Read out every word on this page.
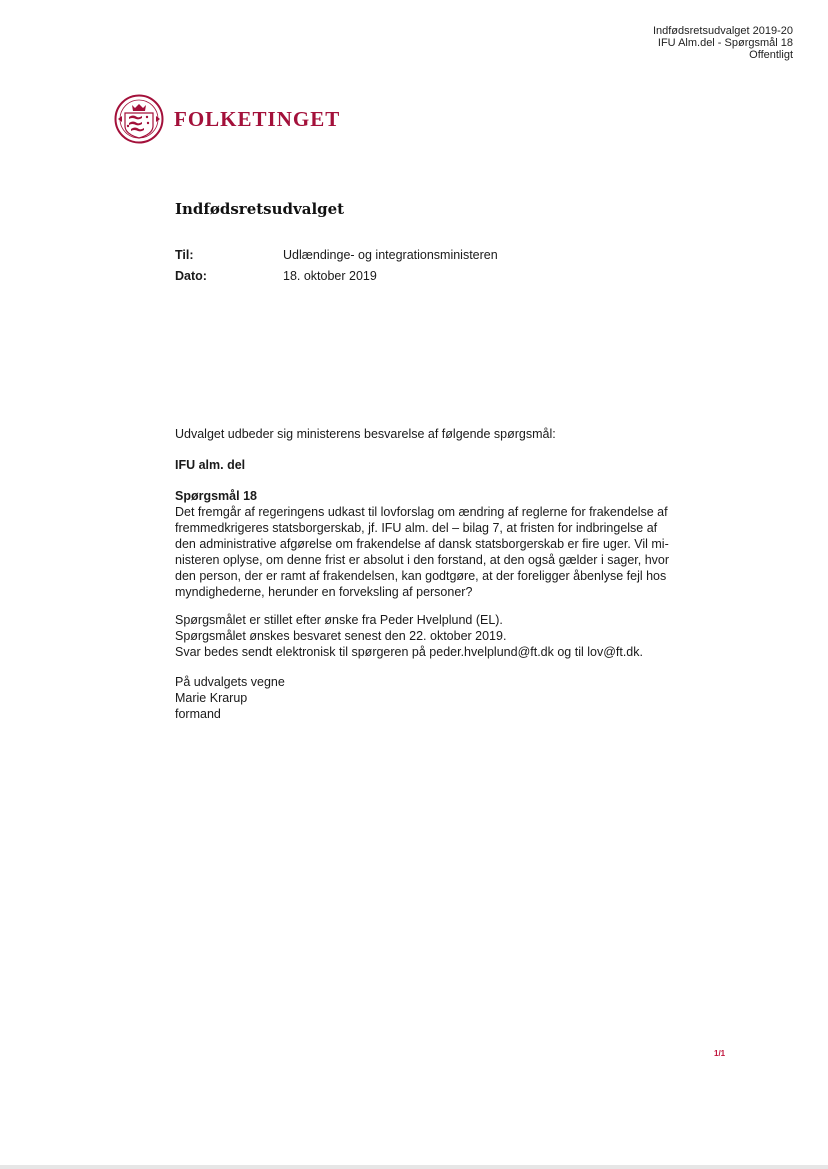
Indfødsretsudvalget 2019-20
IFU Alm.del - Spørgsmål 18
Offentligt
FOLKETINGET
Indfødsretsudvalget
Til:	Udlændinge- og integrationsministeren
Dato:	18. oktober 2019
Udvalget udbeder sig ministerens besvarelse af følgende spørgsmål:
IFU alm. del
Spørgsmål 18
Det fremgår af regeringens udkast til lovforslag om ændring af reglerne for frakendelse af
fremmedkrigeres statsborgerskab, jf. IFU alm. del – bilag 7, at fristen for indbringelse af
den administrative afgørelse om frakendelse af dansk statsborgerskab er fire uger. Vil mi-
nisteren oplyse, om denne frist er absolut i den forstand, at den også gælder i sager, hvor
den person, der er ramt af frakendelsen, kan godtgøre, at der foreligger åbenlyse fejl hos
myndighederne, herunder en forveksling af personer?
Spørgsmålet er stillet efter ønske fra Peder Hvelplund (EL).
Spørgsmålet ønskes besvaret senest den 22. oktober 2019.
Svar bedes sendt elektronisk til spørgeren på peder.hvelplund@ft.dk og til lov@ft.dk.
På udvalgets vegne
Marie Krarup
formand
1/1
